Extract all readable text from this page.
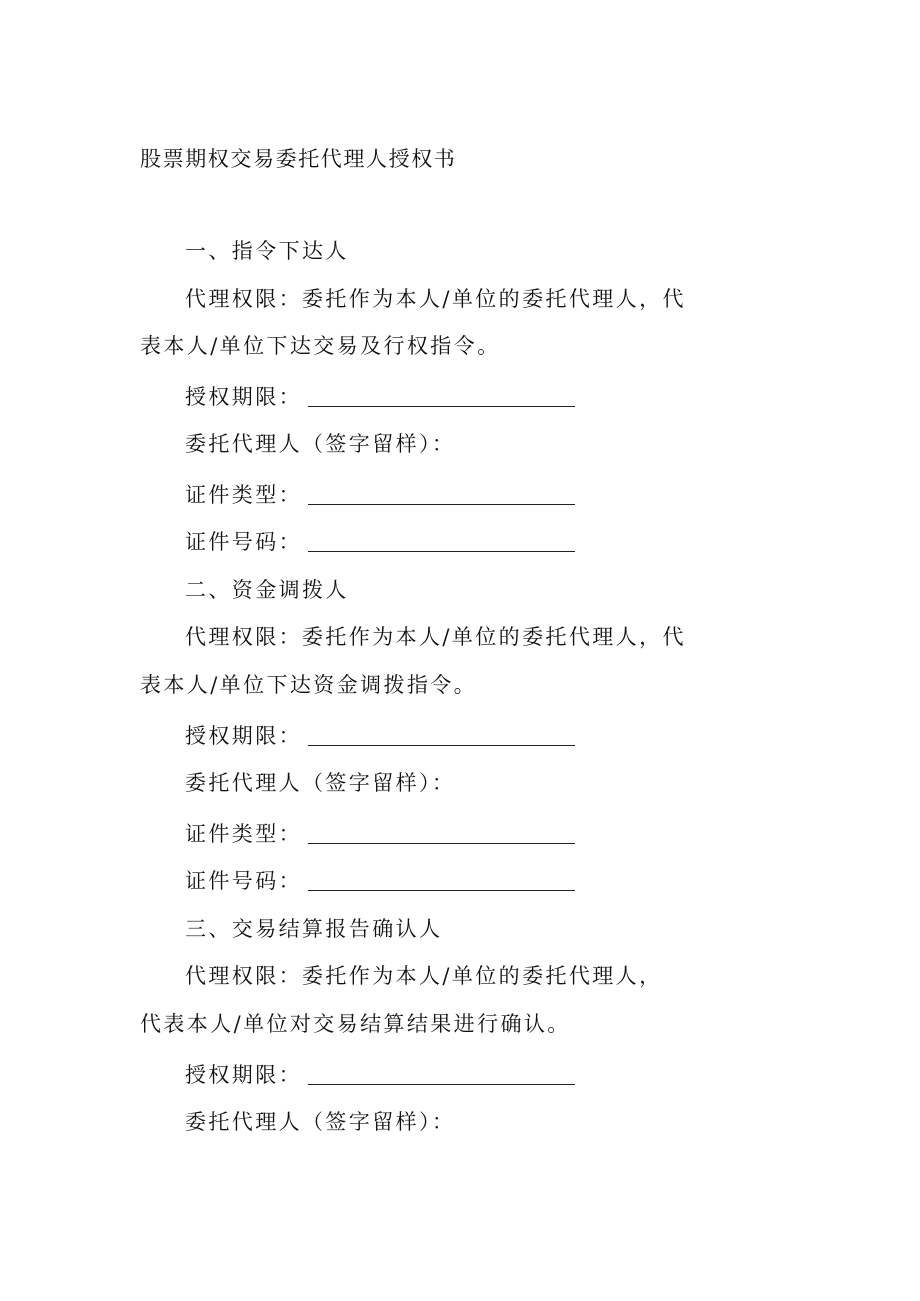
股票期权交易委托代理人授权书
一、指令下达人
代理权限：委托作为本人/单位的委托代理人，代
表本人/单位下达交易及行权指令。
授权期限：
委托代理人（签字留样）：
证件类型：
证件号码：
二、资金调拨人
代理权限：委托作为本人/单位的委托代理人，代
表本人/单位下达资金调拨指令。
授权期限：
委托代理人（签字留样）：
证件类型：
证件号码：
三、交易结算报告确认人
代理权限：委托作为本人/单位的委托代理人，
代表本人/单位对交易结算结果进行确认。
授权期限：
委托代理人（签字留样）：
